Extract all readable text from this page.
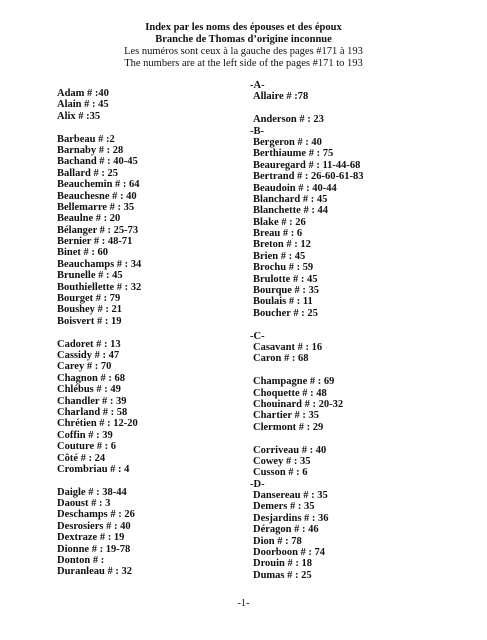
Index par les noms des épouses et des époux
Branche de Thomas d’origine inconnue
Les numéros sont ceux à la gauche des pages #171 à 193
The numbers are at the left side of the pages #171 to 193
Adam # :40
Alain # : 45
Alix # :35
Barbeau # :2
Barnaby # : 28
Bachand # : 40-45
Ballard # : 25
Beauchemin # : 64
Beauchesne # : 40
Bellemarre # : 35
Beaulne # : 20
Bélanger # : 25-73
Bernier # : 48-71
Binet # : 60
Beauchamps # : 34
Brunelle # : 45
Bouthiellette # : 32
Bourget # : 79
Boushey # : 21
Boisvert # : 19
Cadoret # : 13
Cassidy # : 47
Carey # : 70
Chagnon # : 68
Chlébus # : 49
Chandler # : 39
Charland # : 58
Chrétien # : 12-20
Coffin # : 39
Couture # : 6
Côté # : 24
Crombriau # : 4
Daigle # : 38-44
Daoust # : 3
Deschamps # : 26
Desrosiers # : 40
Dextraze # : 19
Dionne # : 19-78
Donton # :
Duranleau # : 32
-A-
Allaire # :78
Anderson # : 23
-B-
Bergeron # : 40
Berthiaume # : 75
Beauregard # : 11-44-68
Bertrand # : 26-60-61-83
Beaudoin # : 40-44
Blanchard # : 45
Blanchette # : 44
Blake # : 26
Breau # : 6
Breton # : 12
Brien # : 45
Brochu # : 59
Brulotte # : 45
Bourque # : 35
Boulais # : 11
Boucher # : 25
-C-
Casavant # : 16
Caron # : 68
Champagne # : 69
Choquette # : 48
Chouinard # : 20-32
Chartier # : 35
Clermont # : 29
Corriveau # : 40
Cowey # : 35
Cusson # : 6
-D-
Dansereau # : 35
Demers # : 35
Desjardins # : 36
Déragon # : 46
Dion # : 78
Doorboon # : 74
Drouin # : 18
Dumas # : 25
-1-
